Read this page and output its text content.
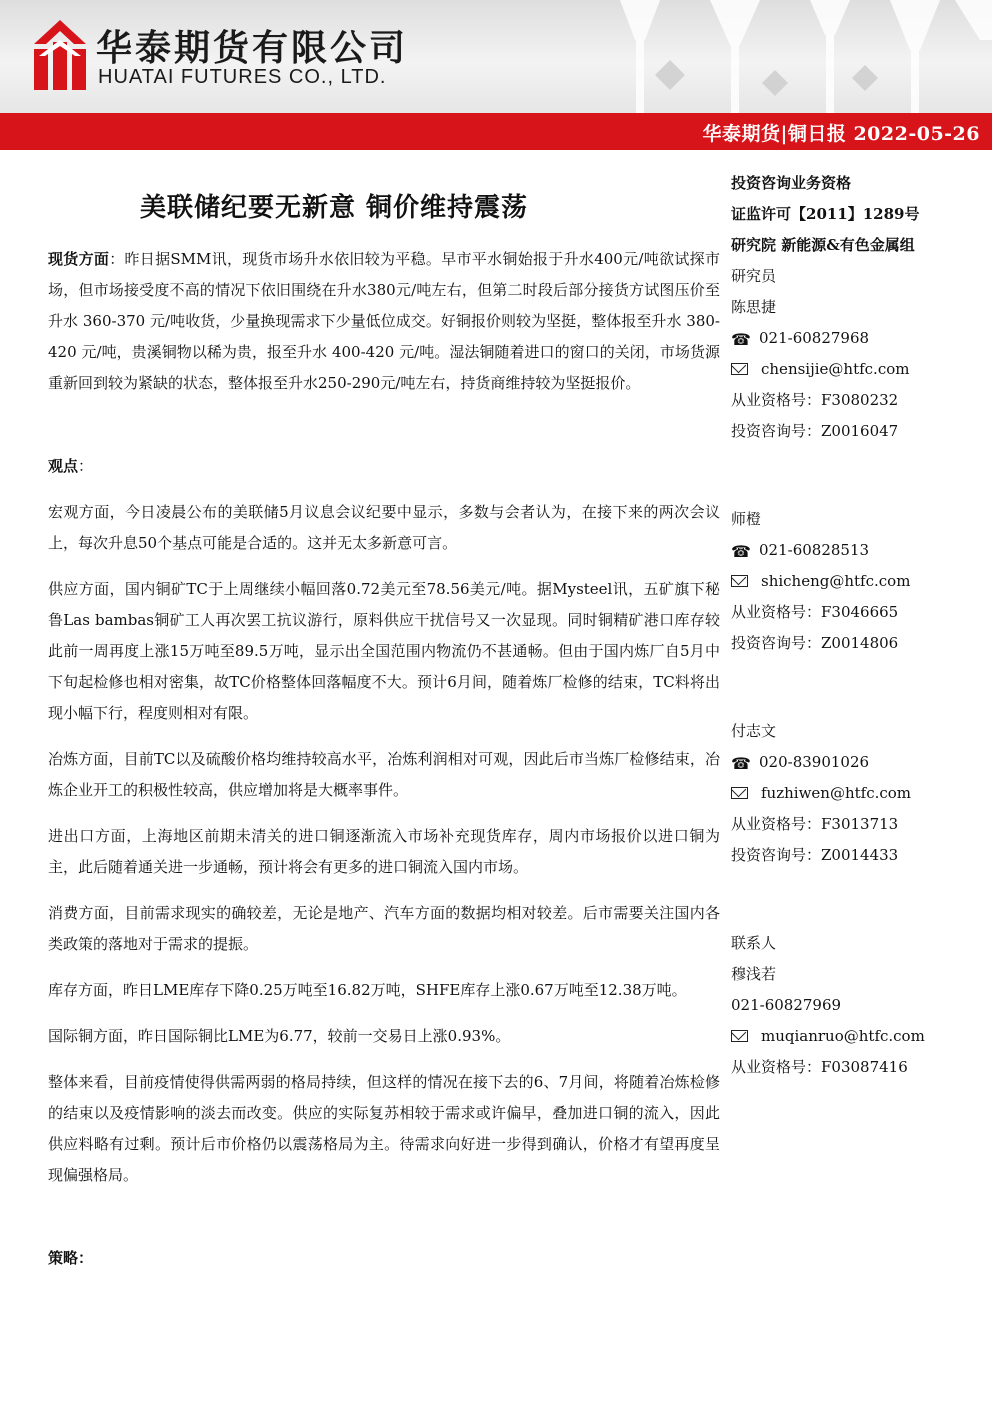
华泰期货有限公司
HUATAI FUTURES CO., LTD.
华泰期货|铜日报 2022-05-26
美联储纪要无新意 铜价维持震荡

现货方面：昨日据SMM讯，现货市场升水依旧较为平稳。早市平水铜始报于升水400元/吨欲试探市场，但市场接受度不高的情况下依旧围绕在升水380元/吨左右，但第二时段后部分接货方试图压价至升水 360-370 元/吨收货，少量换现需求下少量低位成交。好铜报价则较为坚挺，整体报至升水 380-420 元/吨，贵溪铜物以稀为贵，报至升水 400-420 元/吨。湿法铜随着进口的窗口的关闭，市场货源重新回到较为紧缺的状态，整体报至升水250-290元/吨左右，持货商维持较为坚挺报价。

观点：

宏观方面，今日凌晨公布的美联储5月议息会议纪要中显示，多数与会者认为，在接下来的两次会议上，每次升息50个基点可能是合适的。这并无太多新意可言。

供应方面，国内铜矿TC于上周继续小幅回落0.72美元至78.56美元/吨。据Mysteel讯，五矿旗下秘鲁Las bambas铜矿工人再次罢工抗议游行，原料供应干扰信号又一次显现。同时铜精矿港口库存较此前一周再度上涨15万吨至89.5万吨，显示出全国范围内物流仍不甚通畅。但由于国内炼厂自5月中下旬起检修也相对密集，故TC价格整体回落幅度不大。预计6月间，随着炼厂检修的结束，TC料将出现小幅下行，程度则相对有限。

冶炼方面，目前TC以及硫酸价格均维持较高水平，冶炼利润相对可观，因此后市当炼厂检修结束，冶炼企业开工的积极性较高，供应增加将是大概率事件。

进出口方面，上海地区前期未清关的进口铜逐渐流入市场补充现货库存，周内市场报价以进口铜为主，此后随着通关进一步通畅，预计将会有更多的进口铜流入国内市场。

消费方面，目前需求现实的确较差，无论是地产、汽车方面的数据均相对较差。后市需要关注国内各类政策的落地对于需求的提振。

库存方面，昨日LME库存下降0.25万吨至16.82万吨，SHFE库存上涨0.67万吨至12.38万吨。

国际铜方面，昨日国际铜比LME为6.77，较前一交易日上涨0.93%。

整体来看，目前疫情使得供需两弱的格局持续，但这样的情况在接下去的6、7月间，将随着冶炼检修的结束以及疫情影响的淡去而改变。供应的实际复苏相较于需求或许偏早，叠加进口铜的流入，因此供应料略有过剩。预计后市价格仍以震荡格局为主。待需求向好进一步得到确认，价格才有望再度呈现偏强格局。

策略：

投资咨询业务资格
证监许可【2011】1289号
研究院 新能源&有色金属组
研究员
陈思捷
☎ 021-60827968
chensijie@htfc.com
从业资格号：F3080232
投资咨询号：Z0016047
师橙
☎ 021-60828513
shicheng@htfc.com
从业资格号：F3046665
投资咨询号：Z0014806
付志文
☎ 020-83901026
fuzhiwen@htfc.com
从业资格号：F3013713
投资咨询号：Z0014433
联系人
穆浅若
021-60827969
muqianruo@htfc.com
从业资格号：F03087416
